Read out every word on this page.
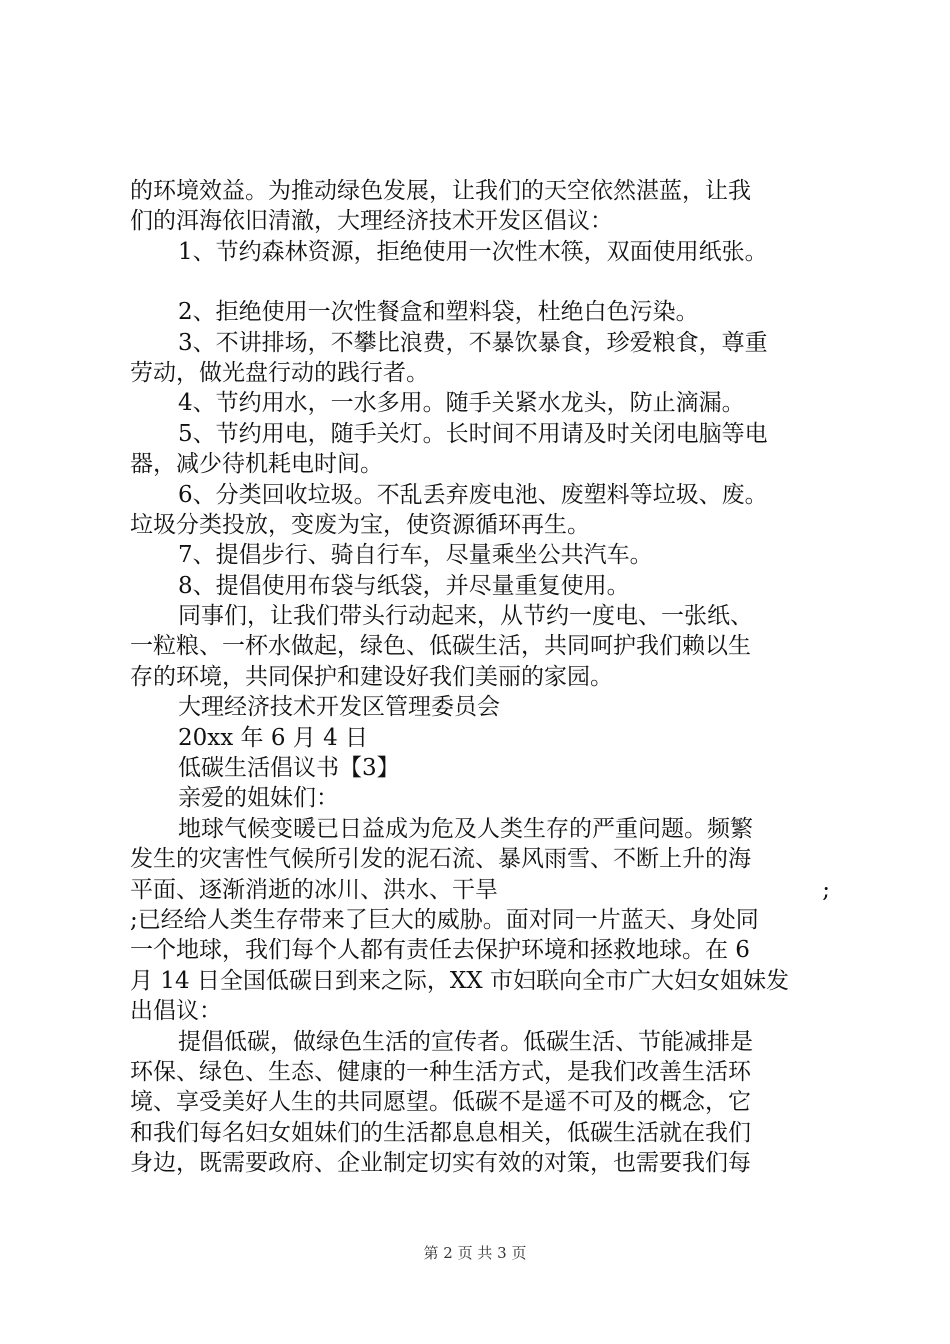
的环境效益。为推动绿色发展，让我们的天空依然湛蓝，让我

们的洱海依旧清澈，大理经济技术开发区倡议：

1、节约森林资源，拒绝使用一次性木筷，双面使用纸张。

2、拒绝使用一次性餐盒和塑料袋，杜绝白色污染。

3、不讲排场，不攀比浪费，不暴饮暴食，珍爱粮食，尊重

劳动，做光盘行动的践行者。

4、节约用水，一水多用。随手关紧水龙头，防止滴漏。

5、节约用电，随手关灯。长时间不用请及时关闭电脑等电

器，减少待机耗电时间。

6、分类回收垃圾。不乱丢弃废电池、废塑料等垃圾、废。

垃圾分类投放，变废为宝，使资源循环再生。

7、提倡步行、骑自行车，尽量乘坐公共汽车。

8、提倡使用布袋与纸袋，并尽量重复使用。

同事们，让我们带头行动起来，从节约一度电、一张纸、

一粒粮、一杯水做起，绿色、低碳生活，共同呵护我们赖以生

存的环境，共同保护和建设好我们美丽的家园。

大理经济技术开发区管理委员会

20xx 年 6 月 4 日

低碳生活倡议书【3】

亲爱的姐妹们：

地球气候变暖已日益成为危及人类生存的严重问题。频繁

发生的灾害性气候所引发的泥石流、暴风雨雪、不断上升的海

平面、逐渐消逝的冰川、洪水、干旱	;

;已经给人类生存带来了巨大的威胁。面对同一片蓝天、身处同

一个地球，我们每个人都有责任去保护环境和拯救地球。在 6

月 14 日全国低碳日到来之际，XX 市妇联向全市广大妇女姐妹发

出倡议：

提倡低碳，做绿色生活的宣传者。低碳生活、节能减排是

环保、绿色、生态、健康的一种生活方式，是我们改善生活环

境、享受美好人生的共同愿望。低碳不是遥不可及的概念，它

和我们每名妇女姐妹们的生活都息息相关，低碳生活就在我们

身边，既需要政府、企业制定切实有效的对策，也需要我们每

第 2 页 共 3 页
